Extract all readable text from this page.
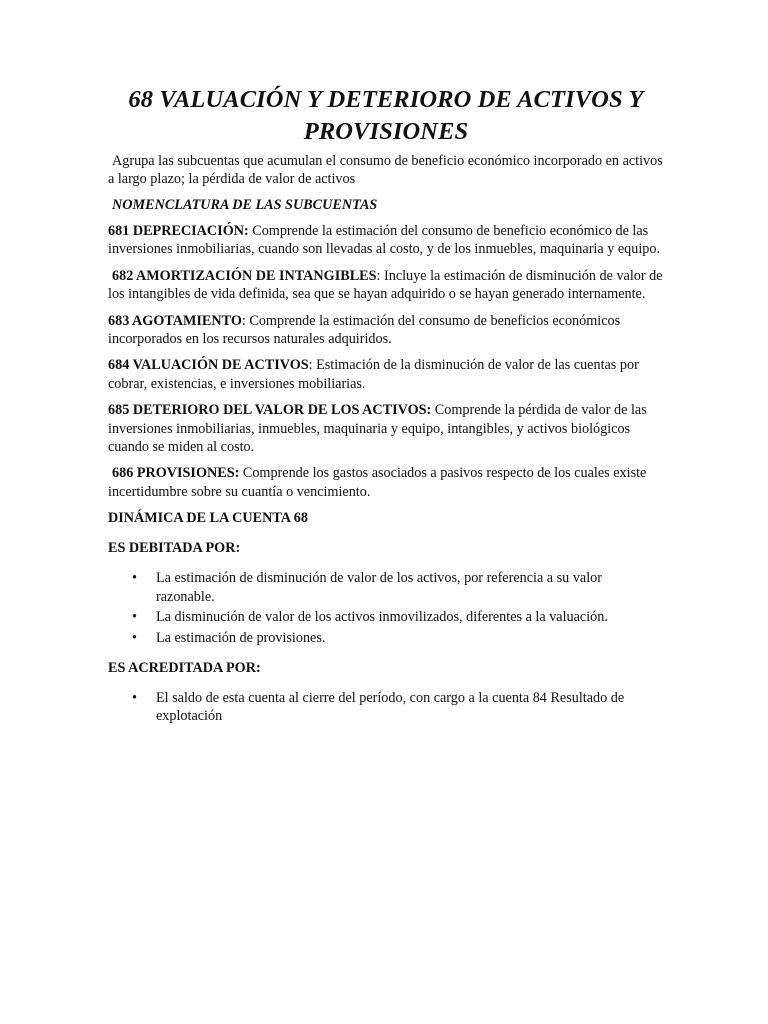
68 VALUACIÓN Y DETERIORO DE ACTIVOS Y
PROVISIONES

Agrupa las subcuentas que acumulan el consumo de beneficio económico incorporado en activos a largo plazo; la pérdida de valor de activos

NOMENCLATURA DE LAS SUBCUENTAS

681 DEPRECIACIÓN: Comprende la estimación del consumo de beneficio económico de las inversiones inmobiliarias, cuando son llevadas al costo, y de los inmuebles, maquinaria y equipo.

682 AMORTIZACIÓN DE INTANGIBLES: Incluye la estimación de disminución de valor de los intangibles de vida definida, sea que se hayan adquirido o se hayan generado internamente.

683 AGOTAMIENTO: Comprende la estimación del consumo de beneficios económicos incorporados en los recursos naturales adquiridos.

684 VALUACIÓN DE ACTIVOS: Estimación de la disminución de valor de las cuentas por cobrar, existencias, e inversiones mobiliarias.

685 DETERIORO DEL VALOR DE LOS ACTIVOS: Comprende la pérdida de valor de las inversiones inmobiliarias, inmuebles, maquinaria y equipo, intangibles, y activos biológicos cuando se miden al costo.

686 PROVISIONES: Comprende los gastos asociados a pasivos respecto de los cuales existe incertidumbre sobre su cuantía o vencimiento.

DINÁMICA DE LA CUENTA 68

ES DEBITADA POR:

• La estimación de disminución de valor de los activos, por referencia a su valor razonable.
• La disminución de valor de los activos inmovilizados, diferentes a la valuación.
• La estimación de provisiones.

ES ACREDITADA POR:

• El saldo de esta cuenta al cierre del período, con cargo a la cuenta 84 Resultado de explotación
